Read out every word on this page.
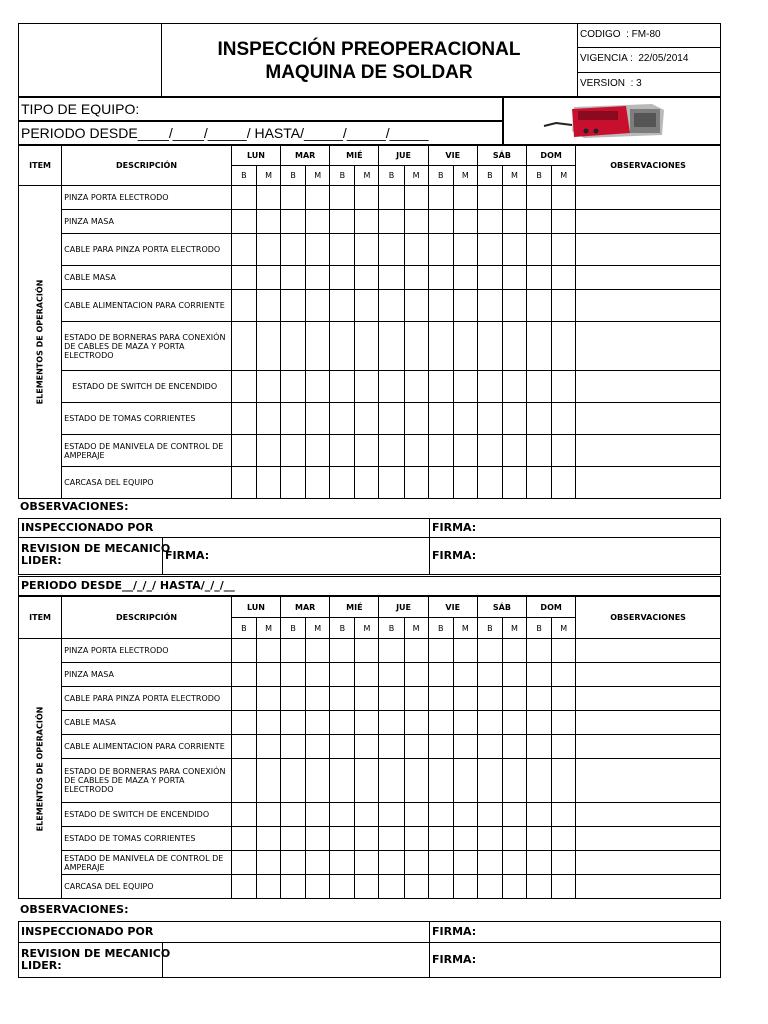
INSPECCIÓN PREOPERACIONAL
MAQUINA DE SOLDAR
CODIGO : FM-80
VIGENCIA : 22/05/2014
VERSION : 3
TIPO DE EQUIPO:
PERIODO DESDE____/____/_____/ HASTA/_____/_____/_____
ITEM	DESCRIPCIÓN	LUN		MAR		MIÉ		JUE		VIE		SÁB		DOM		OBSERVACIONES
		B	M	B	M	B	M	B	M	B	M	B	M	B	M	

ELEMENTOS DE OPERACIÓN	PINZA PORTA ELECTRODO															
	PINZA MASA															
	CABLE PARA PINZA PORTA ELECTRODO															
	CABLE MASA															
	CABLE ALIMENTACION PARA CORRIENTE															
	ESTADO DE BORNERAS PARA CONEXIÓN DE CABLES DE MAZA Y PORTA ELECTRODO															
	ESTADO DE SWITCH DE ENCENDIDO															
	ESTADO DE TOMAS CORRIENTES															
	ESTADO DE MANIVELA DE CONTROL DE AMPERAJE															
	CARCASA DEL EQUIPO															
OBSERVACIONES:
INSPECCIONADO POR	FIRMA:
REVISION DE MECANICO
LIDER:	FIRMA:	FIRMA:
PERIODO DESDE__/_/_/ HASTA/_/_/__
ITEM	DESCRIPCIÓN	LUN		MAR		MIÉ		JUE		VIE		SÁB		DOM		OBSERVACIONES
		B	M	B	M	B	M	B	M	B	M	B	M	B	M	

ELEMENTOS DE OPERACIÓN	PINZA PORTA ELECTRODO															
	PINZA MASA															
	CABLE PARA PINZA PORTA ELECTRODO															
	CABLE MASA															
	CABLE ALIMENTACION PARA CORRIENTE															
	ESTADO DE BORNERAS PARA CONEXIÓN DE CABLES DE MAZA Y PORTA ELECTRODO															
	ESTADO DE SWITCH DE ENCENDIDO															
	ESTADO DE TOMAS CORRIENTES															
	ESTADO DE MANIVELA DE CONTROL DE AMPERAJE															
	CARCASA DEL EQUIPO															
OBSERVACIONES:
INSPECCIONADO POR	FIRMA:
REVISION DE MECANICO
LIDER:	FIRMA:
